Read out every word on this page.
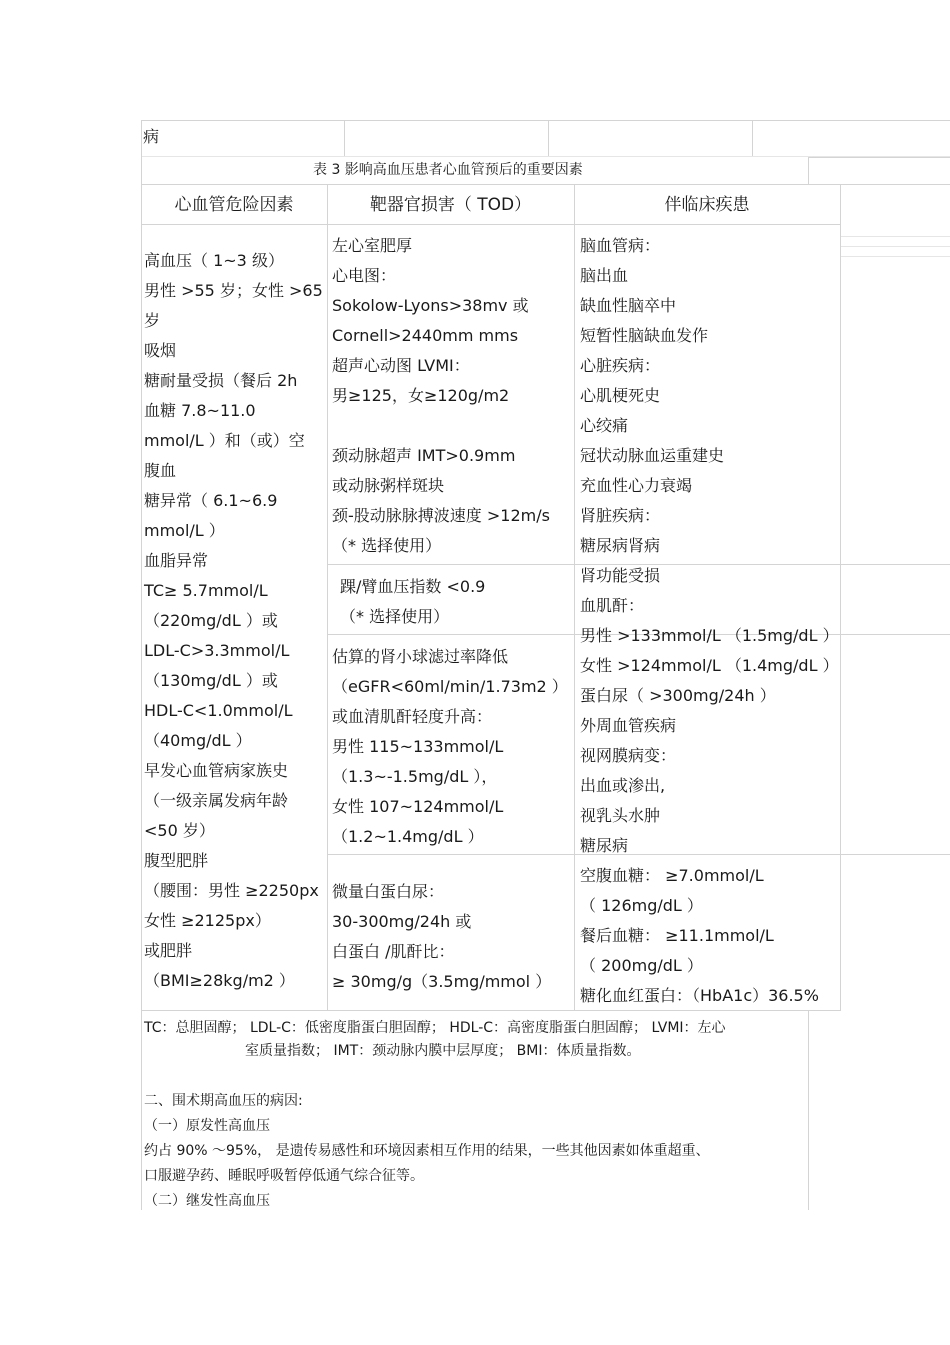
病
表 3 影响高血压患者心血管预后的重要因素
心血管危险因素	靶器官损害（ TOD）	伴临床疾患
高血压（ 1~3 级）
男性 >55 岁；女性 >65
岁
吸烟
糖耐量受损（餐后 2h
血糖 7.8~11.0
mmol/L ）和（或）空
腹血
糖异常（ 6.1~6.9
mmol/L ）
血脂异常
TC≥ 5.7mmol/L
（220mg/dL ）或
LDL-C>3.3mmol/L
（130mg/dL ）或
HDL-C<1.0mmol/L
（40mg/dL ）
早发心血管病家族史
（一级亲属发病年龄
<50 岁）
腹型肥胖
（腰围：男性 ≥2250px
女性 ≥2125px）
或肥胖
（BMI≥28kg/m2 ）
左心室肥厚
心电图：
Sokolow-Lyons>38mv 或
Cornell>2440mm mms
超声心动图 LVMI：
男≥125，女≥120g/m2
颈动脉超声 IMT>0.9mm
或动脉粥样斑块
颈-股动脉脉搏波速度 >12m/s
（* 选择使用）
踝/臂血压指数 <0.9
（* 选择使用）
估算的肾小球滤过率降低
（eGFR<60ml/min/1.73m2 ）
或血清肌酐轻度升高：
男性 115~133mmol/L
（1.3~-1.5mg/dL ），
女性 107~124mmol/L
（1.2~1.4mg/dL ）
微量白蛋白尿：
30-300mg/24h 或
白蛋白 /肌酐比：
≥ 30mg/g（3.5mg/mmol ）
脑血管病：
脑出血
缺血性脑卒中
短暂性脑缺血发作
心脏疾病：
心肌梗死史
心绞痛
冠状动脉血运重建史
充血性心力衰竭
肾脏疾病：
糖尿病肾病
肾功能受损
血肌酐：
男性 >133mmol/L （1.5mg/dL ）
女性 >124mmol/L （1.4mg/dL ）
蛋白尿（ >300mg/24h ）
外周血管疾病
视网膜病变：
出血或渗出,
视乳头水肿
糖尿病
空腹血糖： ≥7.0mmol/L
（ 126mg/dL ）
餐后血糖： ≥11.1mmol/L
（ 200mg/dL ）
糖化血红蛋白：（HbA1c）36.5%
TC：总胆固醇； LDL-C：低密度脂蛋白胆固醇； HDL-C：高密度脂蛋白胆固醇； LVMI：左心
室质量指数； IMT：颈动脉内膜中层厚度； BMI：体质量指数。
二、围术期高血压的病因:
（一）原发性高血压
约占 90% ～95%， 是遗传易感性和环境因素相互作用的结果，一些其他因素如体重超重、
口服避孕药、睡眠呼吸暂停低通气综合征等。
（二）继发性高血压
